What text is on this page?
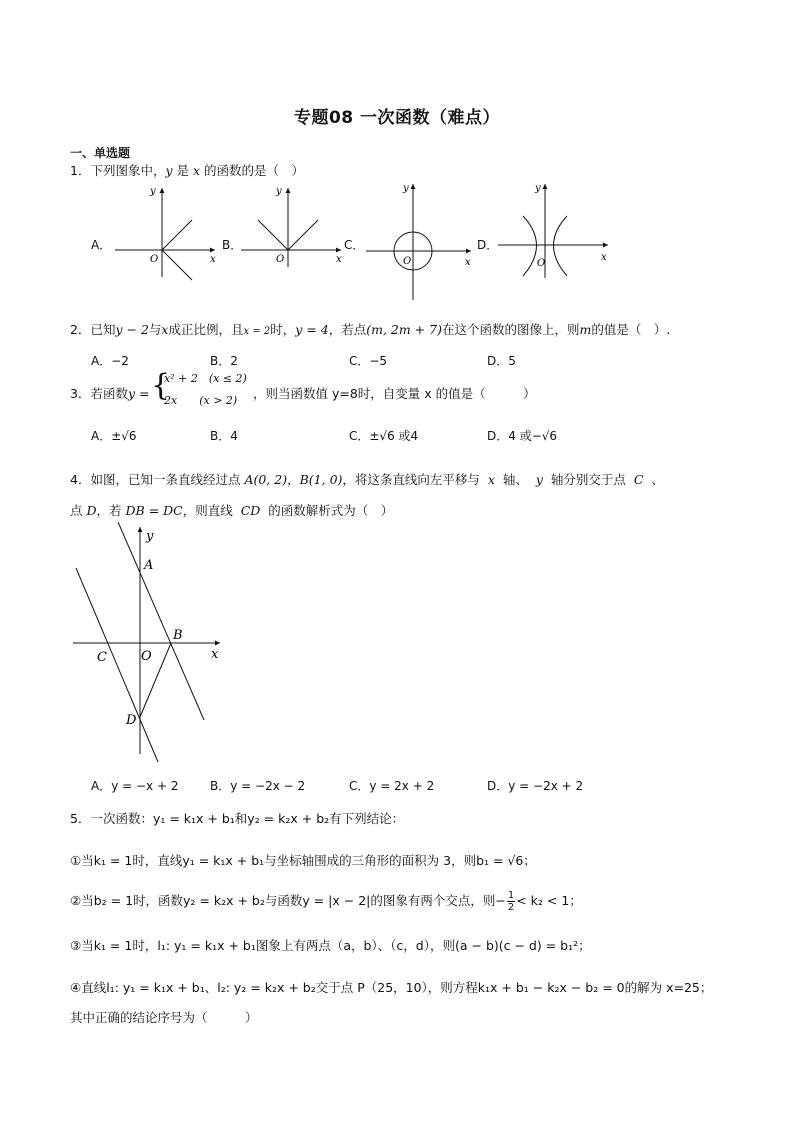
专题08 一次函数（难点）
一、单选题
1．下列图象中，y 是 x 的函数的是（　）
A．	B．	C．	D．
x
y
O	x
y
O	x
y
O	x
y
O
2．已知y − 2与x成正比例，且x = 2时，y = 4，若点(m, 2m + 7)在这个函数的图像上，则m的值是（　）.
A．−2	B．2	C．−5	D．5
3．若函数y = {
x² + 2　(x ≤ 2)
2x　　(x > 2) ，则当函数值 y=8时，自变量 x 的值是（　　　）
A．±√6	B．4	C．±√6 或4	D．4 或−√6
4．如图，已知一条直线经过点 A(0, 2)，B(1, 0)，将这条直线向左平移与 x 轴、 y 轴分别交于点 C 、
点 D，若 DB = DC，则直线 CD 的函数解析式为（　）
A
B
C	O
D
x
y
A．y = −x + 2	B．y = −2x − 2	C．y = 2x + 2	D．y = −2x + 2
5．一次函数：y₁ = k₁x + b₁和y₂ = k₂x + b₂有下列结论：
①当k₁ = 1时，直线y₁ = k₁x + b₁与坐标轴围成的三角形的面积为 3，则b₁ = √6；
②当b₂ = 1时，函数y₂ = k₂x + b₂与函数y = |x − 2|的图象有两个交点，则− $\frac{1}{2} < k_2 < 1$；
③当k₁ = 1时，l₁: y₁ = k₁x + b₁图象上有两点（a，b）、（c，d），则(a − b)(c − d) = b₁²；
④直线l₁: y₁ = k₁x + b₁、l₂: y₂ = k₂x + b₂交于点 P（25，10），则方程k₁x + b₁ − k₂x − b₂ = 0的解为 x=25；
其中正确的结论序号为（　　　）
